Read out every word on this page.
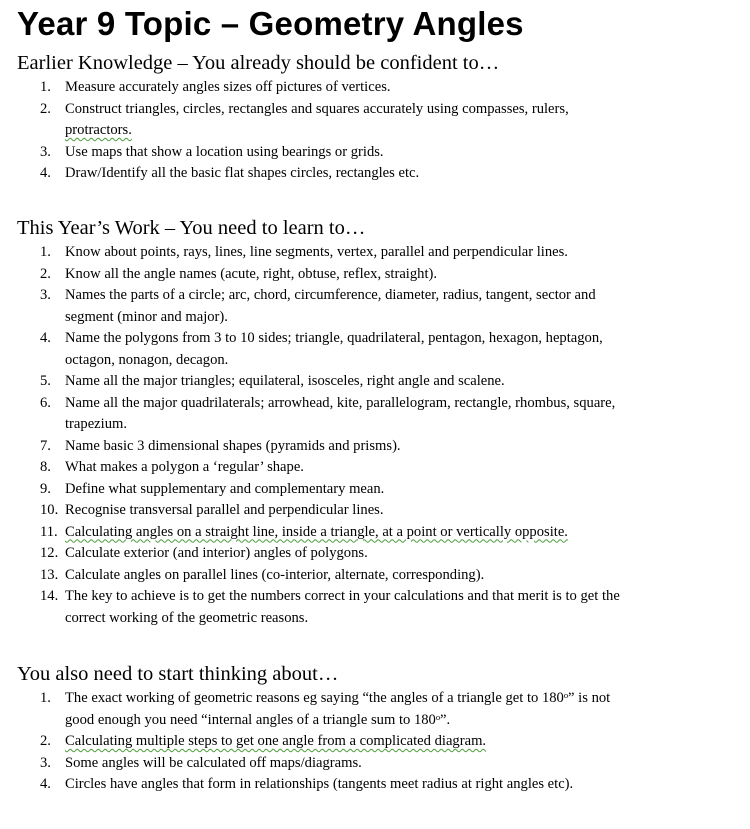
Year 9 Topic – Geometry Angles
Earlier Knowledge – You already should be confident to…
1. Measure accurately angles sizes off pictures of vertices.
2. Construct triangles, circles, rectangles and squares accurately using compasses, rulers,
protractors.
3. Use maps that show a location using bearings or grids.
4. Draw/Identify all the basic flat shapes circles, rectangles etc.
This Year’s Work – You need to learn to…
1. Know about points, rays, lines, line segments, vertex, parallel and perpendicular lines.
2. Know all the angle names (acute, right, obtuse, reflex, straight).
3. Names the parts of a circle; arc, chord, circumference, diameter, radius, tangent, sector and
segment (minor and major).
4. Name the polygons from 3 to 10 sides; triangle, quadrilateral, pentagon, hexagon, heptagon,
octagon, nonagon, decagon.
5. Name all the major triangles; equilateral, isosceles, right angle and scalene.
6. Name all the major quadrilaterals; arrowhead, kite, parallelogram, rectangle, rhombus, square,
trapezium.
7. Name basic 3 dimensional shapes (pyramids and prisms).
8. What makes a polygon a ‘regular’ shape.
9. Define what supplementary and complementary mean.
10. Recognise transversal parallel and perpendicular lines.
11. Calculating angles on a straight line, inside a triangle, at a point or vertically opposite.
12. Calculate exterior (and interior) angles of polygons.
13. Calculate angles on parallel lines (co-interior, alternate, corresponding).
14. The key to achieve is to get the numbers correct in your calculations and that merit is to get the
correct working of the geometric reasons.
You also need to start thinking about…
1. The exact working of geometric reasons eg saying “the angles of a triangle get to 180ᵒ” is not
good enough you need “internal angles of a triangle sum to 180ᵒ”.
2. Calculating multiple steps to get one angle from a complicated diagram.
3. Some angles will be calculated off maps/diagrams.
4. Circles have angles that form in relationships (tangents meet radius at right angles etc).
